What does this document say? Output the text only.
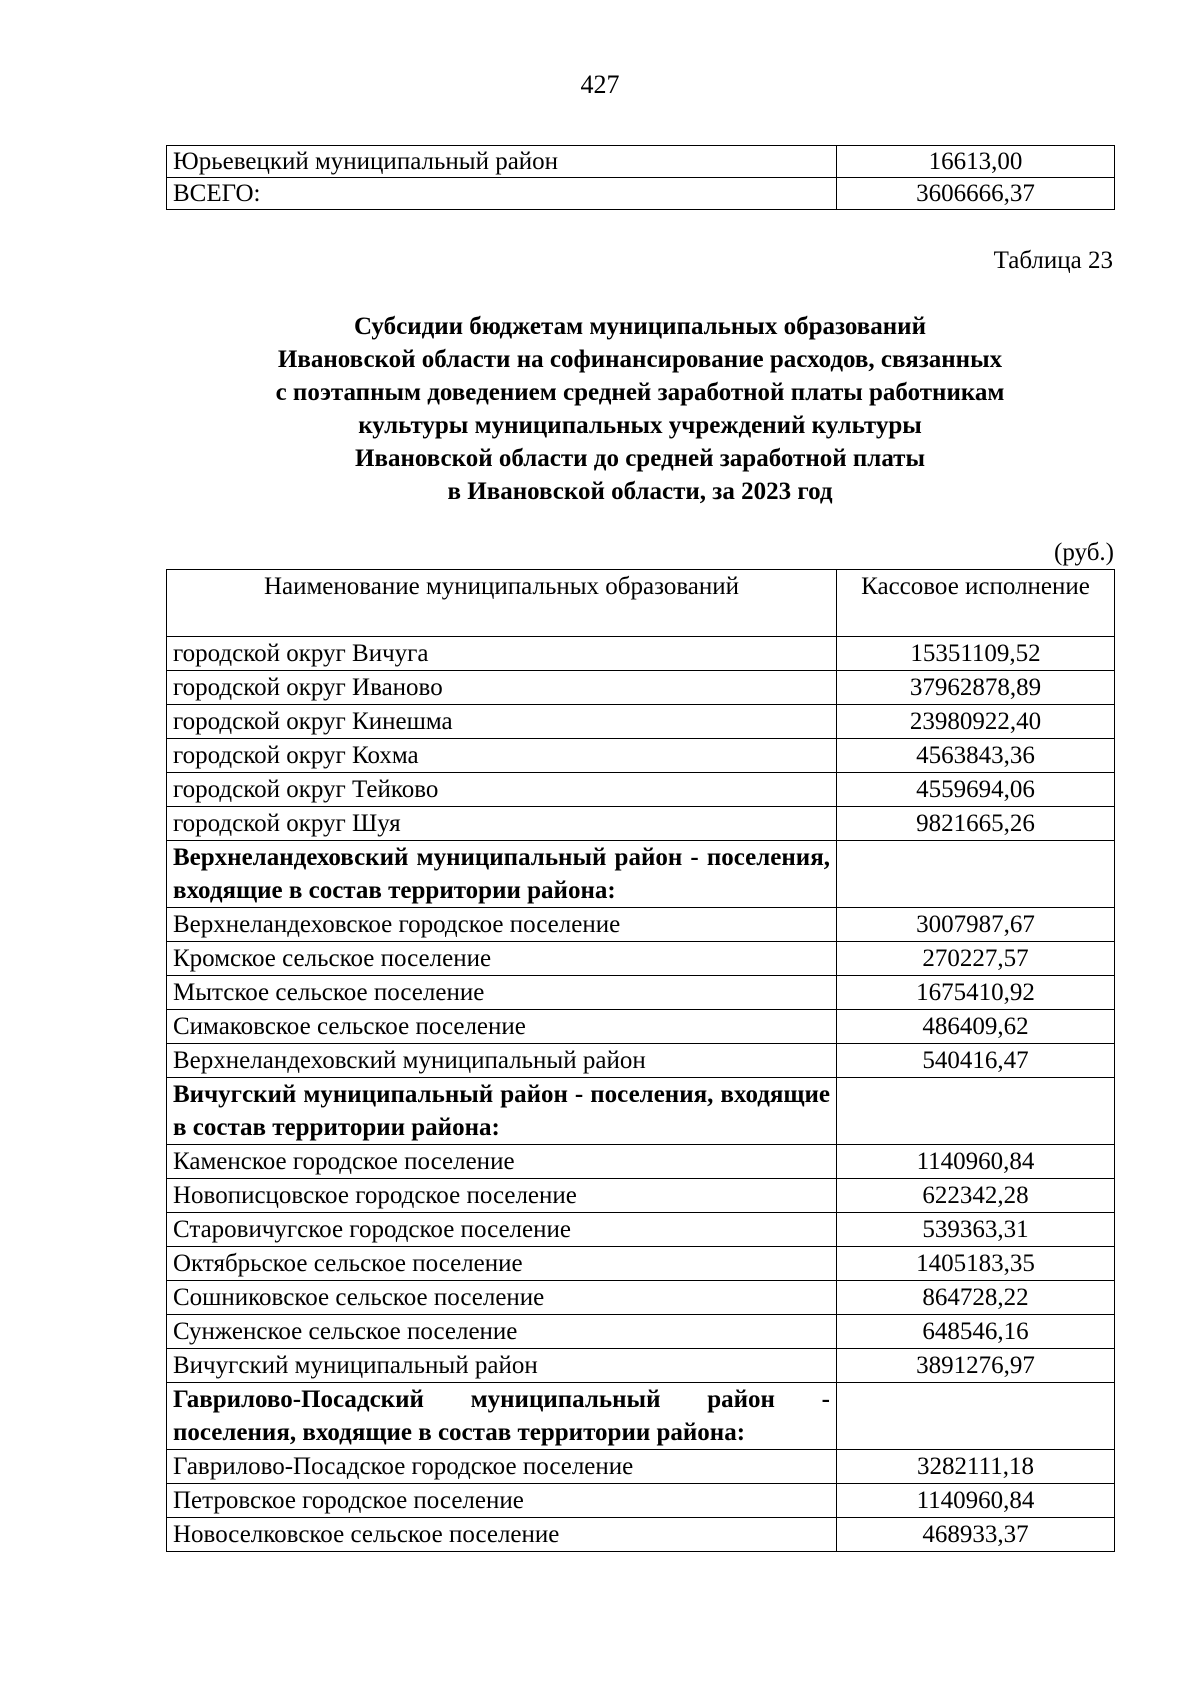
427
Юрьевецкий муниципальный район	16613,00
ВСЕГО:	3606666,37
Таблица 23
Субсидии бюджетам муниципальных образований
Ивановской области на софинансирование расходов, связанных
с поэтапным доведением средней заработной платы работникам
культуры муниципальных учреждений культуры
Ивановской области до средней заработной платы
в Ивановской области, за 2023 год
(руб.)
Наименование муниципальных образований	Кассовое исполнение
городской округ Вичуга	15351109,52
городской округ Иваново	37962878,89
городской округ Кинешма	23980922,40
городской округ Кохма	4563843,36
городской округ Тейково	4559694,06
городской округ Шуя	9821665,26
Верхнеландеховский муниципальный район - поселения, входящие в состав территории района:	
Верхнеландеховское городское поселение	3007987,67
Кромское сельское поселение	270227,57
Мытское сельское поселение	1675410,92
Симаковское сельское поселение	486409,62
Верхнеландеховский муниципальный район	540416,47
Вичугский муниципальный район - поселения, входящие в состав территории района:	
Каменское городское поселение	1140960,84
Новописцовское городское поселение	622342,28
Старовичугское городское поселение	539363,31
Октябрьское сельское поселение	1405183,35
Сошниковское сельское поселение	864728,22
Сунженское сельское поселение	648546,16
Вичугский муниципальный район	3891276,97
Гаврилово-Посадский муниципальный район - поселения, входящие в состав территории района:	
Гаврилово-Посадское городское поселение	3282111,18
Петровское городское поселение	1140960,84
Новоселковское сельское поселение	468933,37
